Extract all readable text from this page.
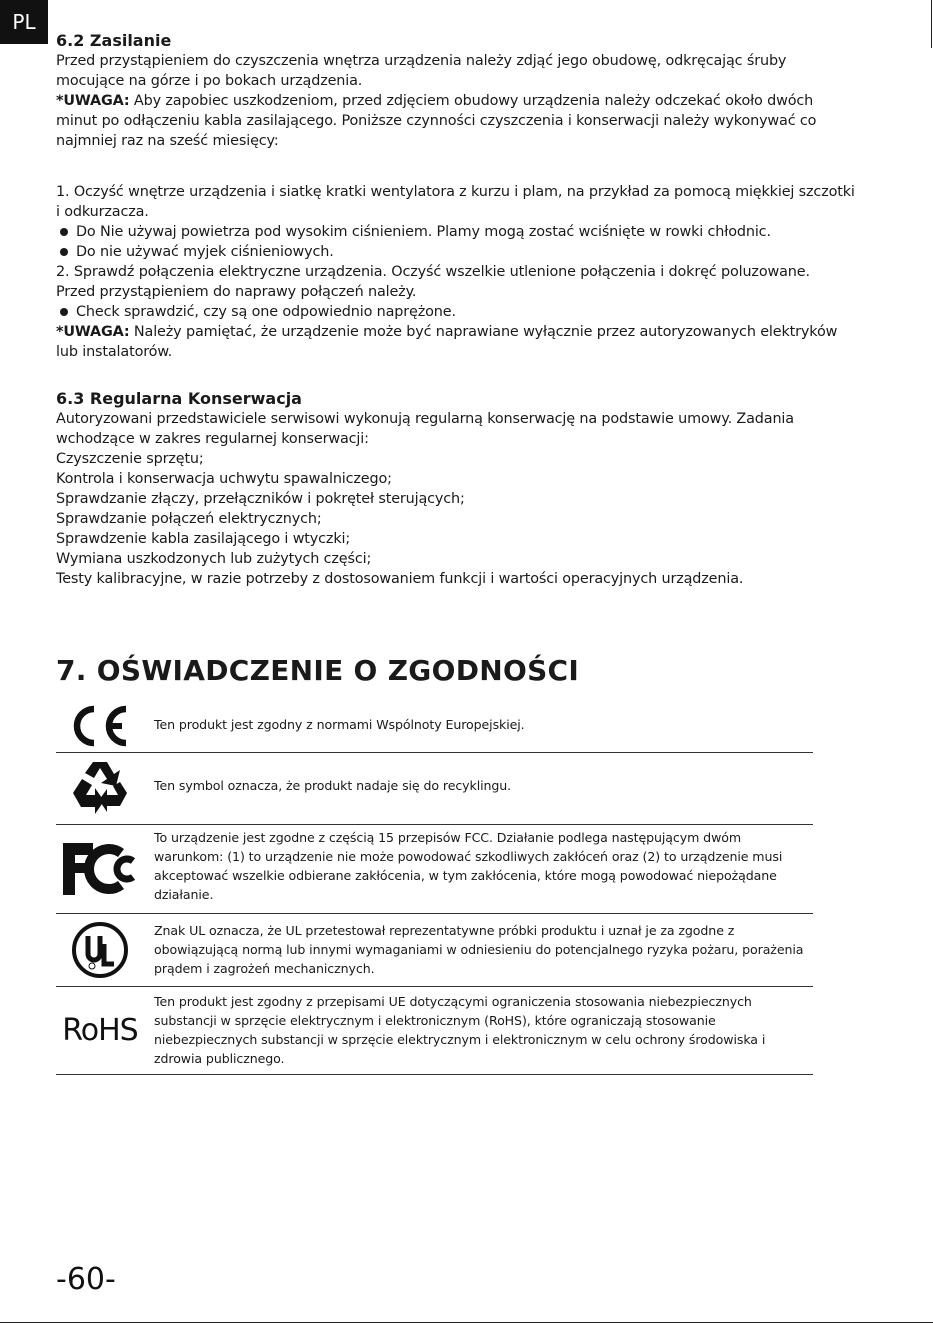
PL
6.2 Zasilanie
Przed przystąpieniem do czyszczenia wnętrza urządzenia należy zdjąć jego obudowę, odkręcając śruby
mocujące na górze i po bokach urządzenia.
*UWAGA: Aby zapobiec uszkodzeniom, przed zdjęciem obudowy urządzenia należy odczekać około dwóch
minut po odłączeniu kabla zasilającego. Poniższe czynności czyszczenia i konserwacji należy wykonywać co
najmniej raz na sześć miesięcy:
1. Oczyść wnętrze urządzenia i siatkę kratki wentylatora z kurzu i plam, na przykład za pomocą miękkiej szczotki
i odkurzacza.
Do Nie używaj powietrza pod wysokim ciśnieniem. Plamy mogą zostać wciśnięte w rowki chłodnic.
Do nie używać myjek ciśnieniowych.
2. Sprawdź połączenia elektryczne urządzenia. Oczyść wszelkie utlenione połączenia i dokręć poluzowane.
Przed przystąpieniem do naprawy połączeń należy.
Check sprawdzić, czy są one odpowiednio naprężone.
*UWAGA: Należy pamiętać, że urządzenie może być naprawiane wyłącznie przez autoryzowanych elektryków
lub instalatorów.
6.3 Regularna Konserwacja
Autoryzowani przedstawiciele serwisowi wykonują regularną konserwację na podstawie umowy. Zadania
wchodzące w zakres regularnej konserwacji:
Czyszczenie sprzętu;
Kontrola i konserwacja uchwytu spawalniczego;
Sprawdzanie złączy, przełączników i pokręteł sterujących;
Sprawdzanie połączeń elektrycznych;
Sprawdzenie kabla zasilającego i wtyczki;
Wymiana uszkodzonych lub zużytych części;
Testy kalibracyjne, w razie potrzeby z dostosowaniem funkcji i wartości operacyjnych urządzenia.
7. OŚWIADCZENIE O ZGODNOŚCI
Ten produkt jest zgodny z normami Wspólnoty Europejskiej.
Ten symbol oznacza, że produkt nadaje się do recyklingu.
To urządzenie jest zgodne z częścią 15 przepisów FCC. Działanie podlega następującym dwóm warunkom: (1) to urządzenie nie może powodować szkodliwych zakłóceń oraz (2) to urządzenie musi akceptować wszelkie odbierane zakłócenia, w tym zakłócenia, które mogą powodować niepożądane działanie.
Znak UL oznacza, że UL przetestował reprezentatywne próbki produktu i uznał je za zgodne z obowiązującą normą lub innymi wymaganiami w odniesieniu do potencjalnego ryzyka pożaru, porażenia prądem i zagrożeń mechanicznych.
RoHS
Ten produkt jest zgodny z przepisami UE dotyczącymi ograniczenia stosowania niebezpiecznych substancji w sprzęcie elektrycznym i elektronicznym (RoHS), które ograniczają stosowanie niebezpiecznych substancji w sprzęcie elektrycznym i elektronicznym w celu ochrony środowiska i zdrowia publicznego.
-60-
